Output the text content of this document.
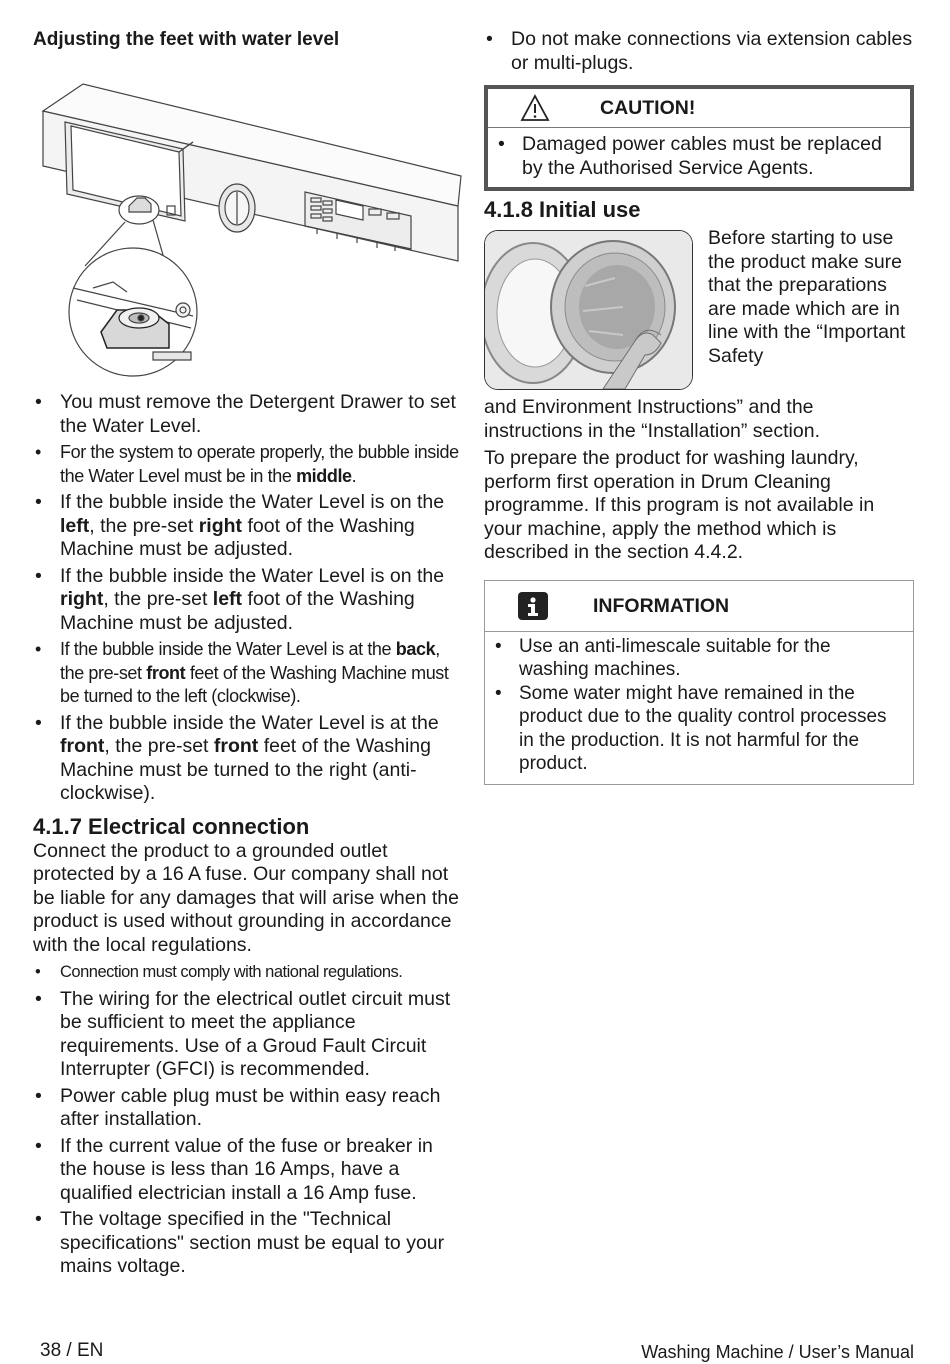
Adjusting the feet with water level
• You must remove the Detergent Drawer to set the Water Level.
• For the system to operate properly, the bubble inside the Water Level must be in the middle.
• If the bubble inside the Water Level is on the left, the pre-set right foot of the Washing Machine must be adjusted.
• If the bubble inside the Water Level is on the right, the pre-set left foot of the Washing Machine must be adjusted.
• If the bubble inside the Water Level is at the back, the pre-set front feet of the Washing Machine must be turned to the left (clockwise).
• If the bubble inside the Water Level is at the front, the pre-set front feet of the Washing Machine must be turned to the right (anti-clockwise).
4.1.7 Electrical connection

Connect the product to a grounded outlet protected by a 16 A fuse. Our company shall not be liable for any damages that will arise when the product is used without grounding in accordance with the local regulations.

• Connection must comply with national regulations.
• The wiring for the electrical outlet circuit must be sufficient to meet the appliance requirements. Use of a Groud Fault Circuit Interrupter (GFCI) is recommended.
• Power cable plug must be within easy reach after installation.
• If the current value of the fuse or breaker in the house is less than 16 Amps, have a qualified electrician install a 16 Amp fuse.
• The voltage specified in the "Technical specifications" section must be equal to your mains voltage.
• Do not make connections via extension cables or multi-plugs.
CAUTION!
• Damaged power cables must be replaced by the Authorised Service Agents.
4.1.8 Initial use

Before starting to use the product make sure that the preparations are made which are in line with the “Important Safety

and Environment Instructions” and the instructions in the “Installation” section.

To prepare the product for washing laundry, perform first operation in Drum Cleaning programme. If this program is not available in your machine, apply the method which is described in the section 4.4.2.

INFORMATION
• Use an anti-limescale suitable for the washing machines.
• Some water might have remained in the product due to the quality control processes in the production. It is not harmful for the product.
38 / EN	Washing Machine / User’s Manual
